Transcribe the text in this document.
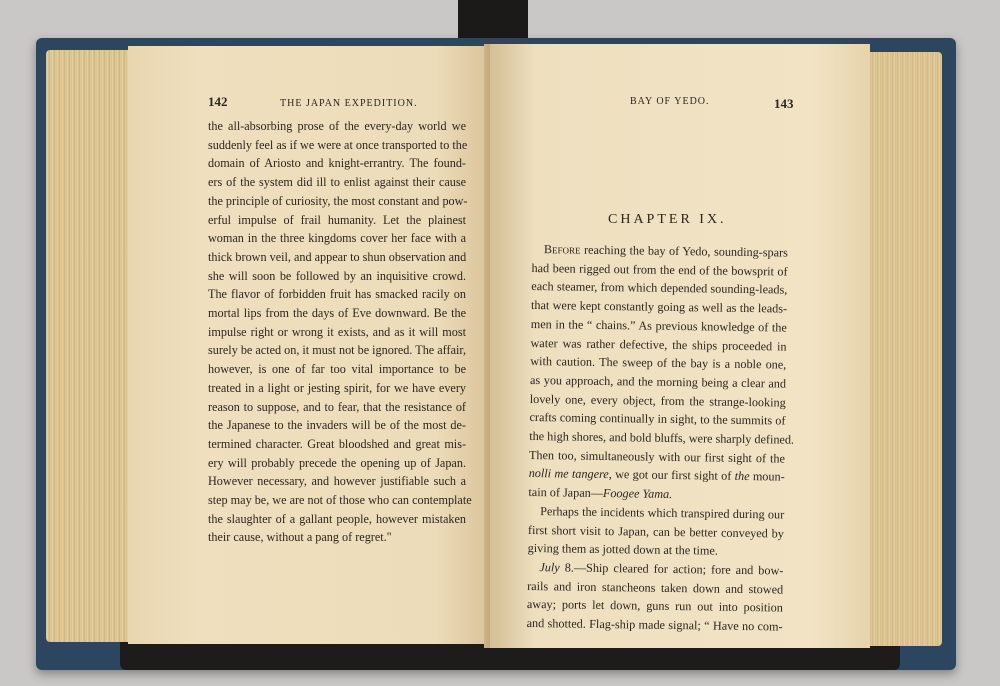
142	THE JAPAN EXPEDITION.
the all-absorbing prose of the every-day world we
suddenly feel as if we were at once transported to the
domain of Ariosto and knight-errantry. The found-
ers of the system did ill to enlist against their cause
the principle of curiosity, the most constant and pow-
erful impulse of frail humanity. Let the plainest
woman in the three kingdoms cover her face with a
thick brown veil, and appear to shun observation and
she will soon be followed by an inquisitive crowd.
The flavor of forbidden fruit has smacked racily on
mortal lips from the days of Eve downward. Be the
impulse right or wrong it exists, and as it will most
surely be acted on, it must not be ignored. The affair,
however, is one of far too vital importance to be
treated in a light or jesting spirit, for we have every
reason to suppose, and to fear, that the resistance of
the Japanese to the invaders will be of the most de-
termined character. Great bloodshed and great mis-
ery will probably precede the opening up of Japan.
However necessary, and however justifiable such a
step may be, we are not of those who can contemplate
the slaughter of a gallant people, however mistaken
their cause, without a pang of regret."
BAY OF YEDO.	143
CHAPTER IX.
Before reaching the bay of Yedo, sounding-spars
had been rigged out from the end of the bowsprit of
each steamer, from which depended sounding-leads,
that were kept constantly going as well as the leads-
men in the “ chains.” As previous knowledge of the
water was rather defective, the ships proceeded in
with caution. The sweep of the bay is a noble one,
as you approach, and the morning being a clear and
lovely one, every object, from the strange-looking
crafts coming continually in sight, to the summits of
the high shores, and bold bluffs, were sharply defined.
Then too, simultaneously with our first sight of the
nolli me tangere, we got our first sight of the moun-
tain of Japan—Foogee Yama.
Perhaps the incidents which transpired during our
first short visit to Japan, can be better conveyed by
giving them as jotted down at the time.
July 8.—Ship cleared for action; fore and bow-
rails and iron stancheons taken down and stowed
away; ports let down, guns run out into position
and shotted. Flag-ship made signal; “ Have no com-
